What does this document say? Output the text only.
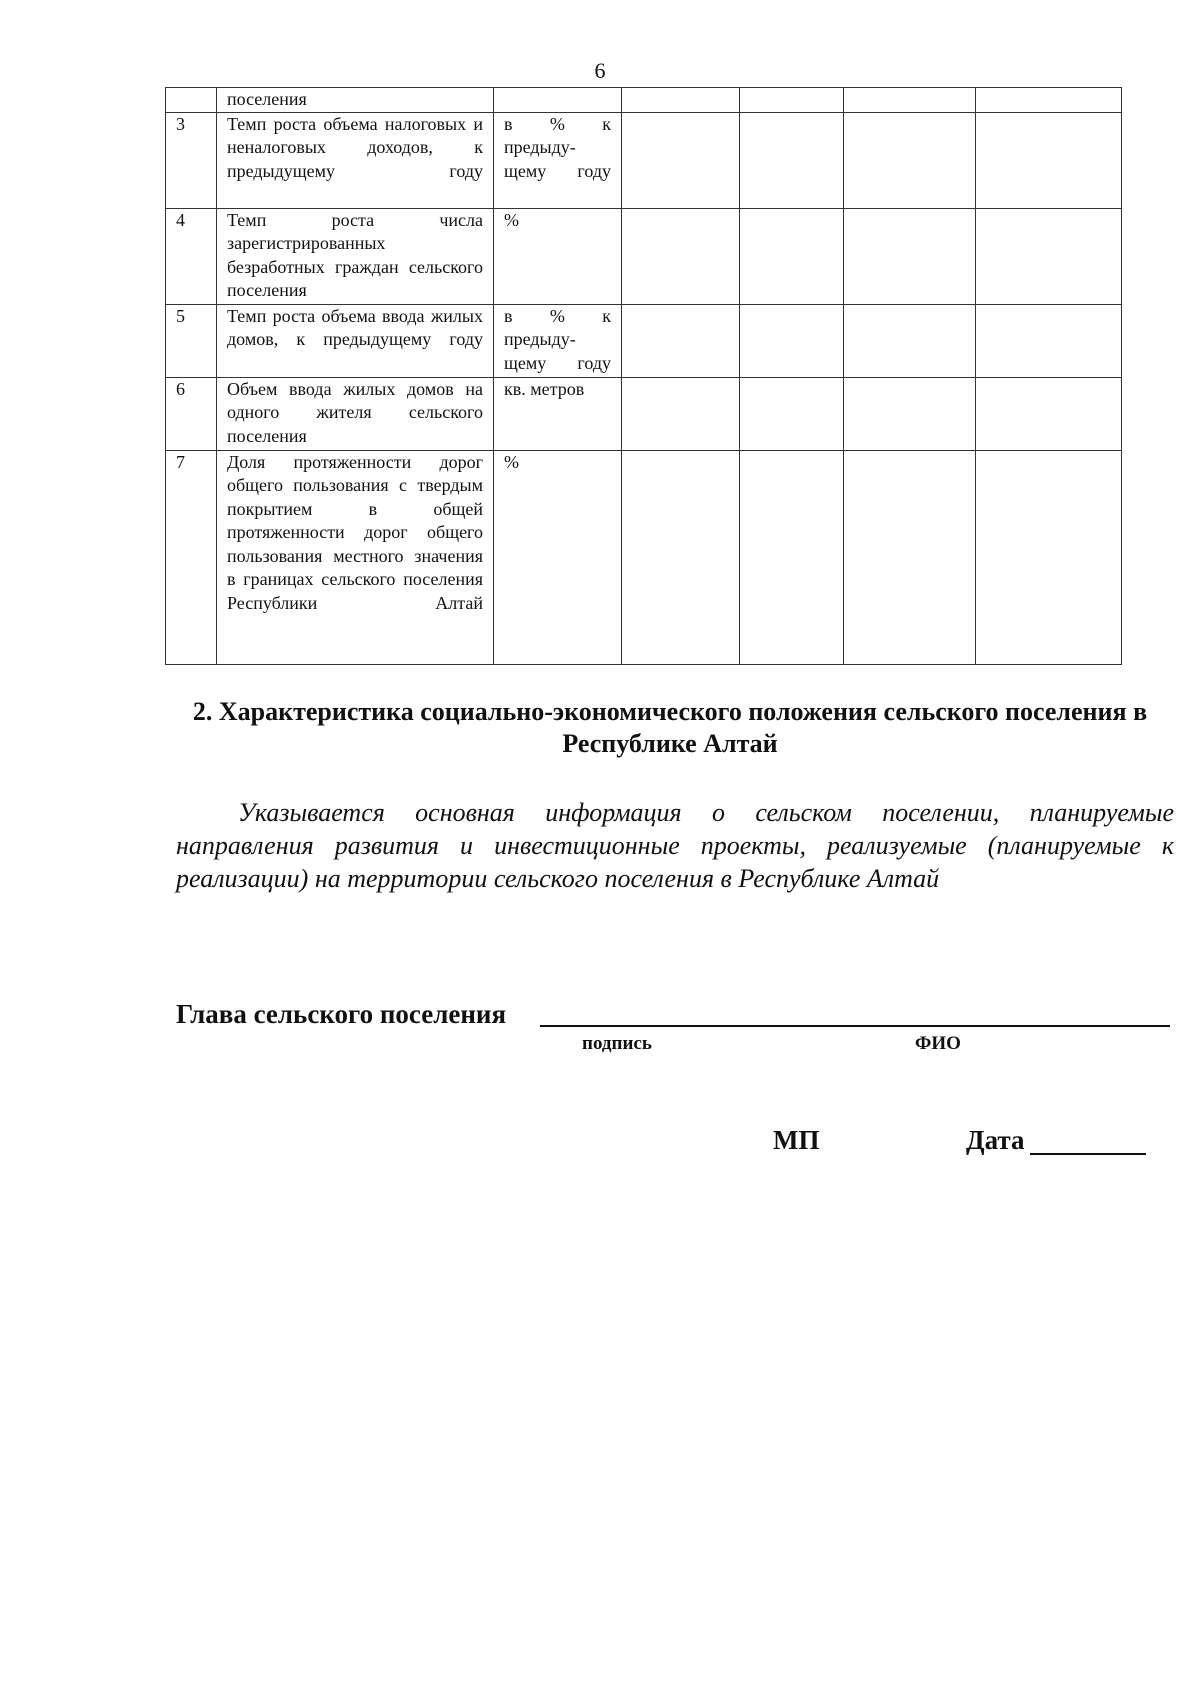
6
	поселения					
3	Темп роста объема налоговых и неналоговых доходов, к предыдущему году	в % к предыду-щему году				
4	Темп роста числа зарегистрированных безработных граждан сельского поселения	%				
5	Темп роста объема ввода жилых домов, к предыдущему году	в % к предыду-щему году				
6	Объем ввода жилых домов на одного жителя сельского поселения	кв. метров				
7	Доля протяженности дорог общего пользования с твердым покрытием в общей протяженности дорог общего пользования местного значения в границах сельского поселения Республики Алтай	%				
2. Характеристика социально-экономического положения сельского поселения в Республике Алтай
Указывается основная информация о сельском поселении, планируемые направления развития и инвестиционные проекты, реализуемые (планируемые к реализации) на территории сельского поселения в Республике Алтай
Глава сельского поселения
подпись	ФИО
МП	Дата
